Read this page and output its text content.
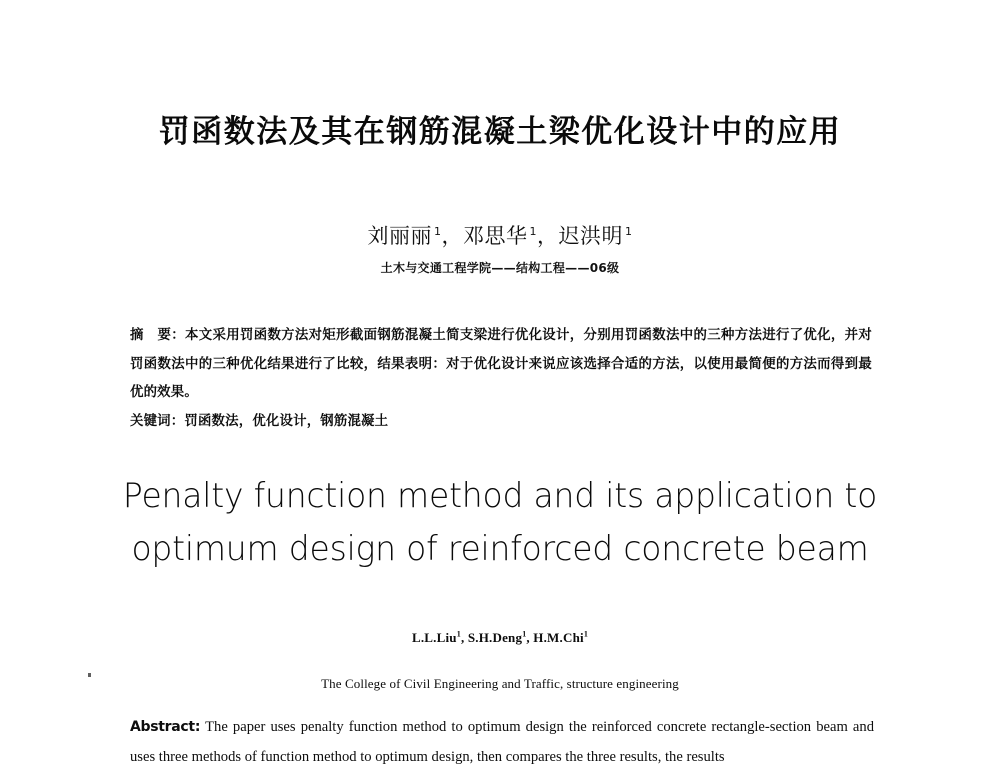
罚函数法及其在钢筋混凝土梁优化设计中的应用
刘丽丽 $^1$，邓思华 $^1$，迟洪明 $^1$
土木与交通工程学院——结构工程——06级
摘　要：本文采用罚函数方法对矩形截面钢筋混凝土简支梁进行优化设计，分别用罚函数法中的三种方法进行了优化，并对罚函数法中的三种优化结果进行了比较，结果表明：对于优化设计来说应该选择合适的方法，以使用最简便的方法而得到最优的效果。
关键词：罚函数法，优化设计，钢筋混凝土
Penalty function method and its application to
optimum design of reinforced concrete beam
L.L.Liu$^1$, S.H.Deng$^1$, H.M.Chi$^1$
The College of Civil Engineering and Traffic, structure engineering
Abstract: The paper uses penalty function method to optimum design the reinforced concrete rectangle-section beam and uses three methods of function method to optimum design, then compares the three results, the results
